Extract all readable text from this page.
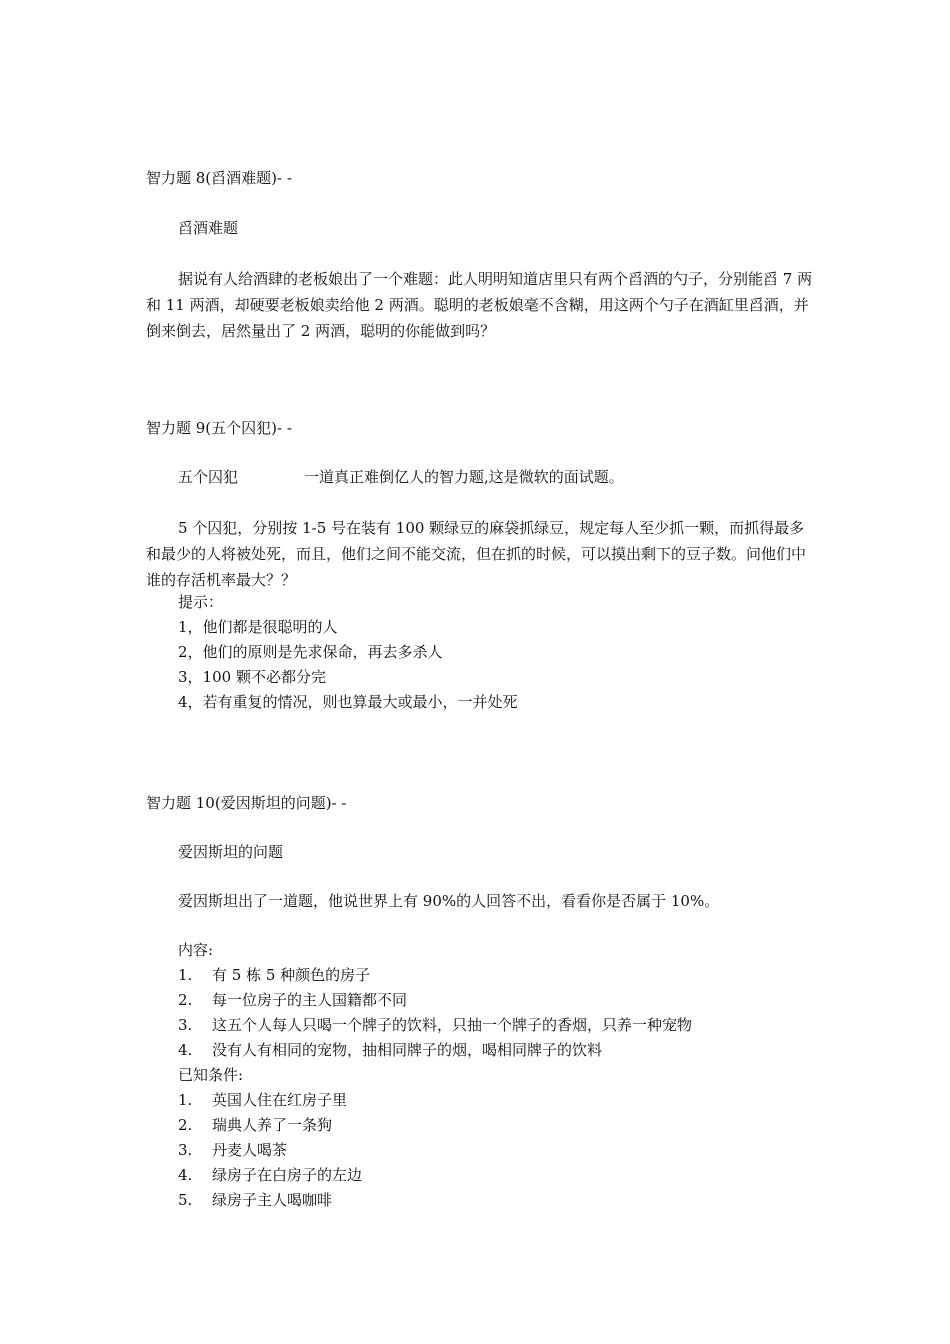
智力题 8(舀酒难题)- -
舀酒难题
据说有人给酒肆的老板娘出了一个难题：此人明明知道店里只有两个舀酒的勺子，分别能舀 7 两和 11 两酒，却硬要老板娘卖给他 2 两酒。聪明的老板娘毫不含糊，用这两个勺子在酒缸里舀酒，并倒来倒去，居然量出了 2 两酒，聪明的你能做到吗？
智力题 9(五个囚犯)- -
五个囚犯	一道真正难倒亿人的智力题,这是微软的面试题。
5 个囚犯，分别按 1-5 号在装有 100 颗绿豆的麻袋抓绿豆，规定每人至少抓一颗，而抓得最多和最少的人将被处死，而且，他们之间不能交流，但在抓的时候，可以摸出剩下的豆子数。问他们中谁的存活机率最大？？
提示：
1，他们都是很聪明的人
2，他们的原则是先求保命，再去多杀人
3，100 颗不必都分完
4，若有重复的情况，则也算最大或最小，一并处死
智力题 10(爱因斯坦的问题)- -
爱因斯坦的问题
爱因斯坦出了一道题，他说世界上有 90%的人回答不出，看看你是否属于 10%。
内容:
1. 有 5 栋 5 种颜色的房子
2. 每一位房子的主人国籍都不同
3. 这五个人每人只喝一个牌子的饮料，只抽一个牌子的香烟，只养一种宠物
4. 没有人有相同的宠物，抽相同牌子的烟，喝相同牌子的饮料
已知条件:
1. 英国人住在红房子里
2. 瑞典人养了一条狗
3. 丹麦人喝茶
4. 绿房子在白房子的左边
5. 绿房子主人喝咖啡
